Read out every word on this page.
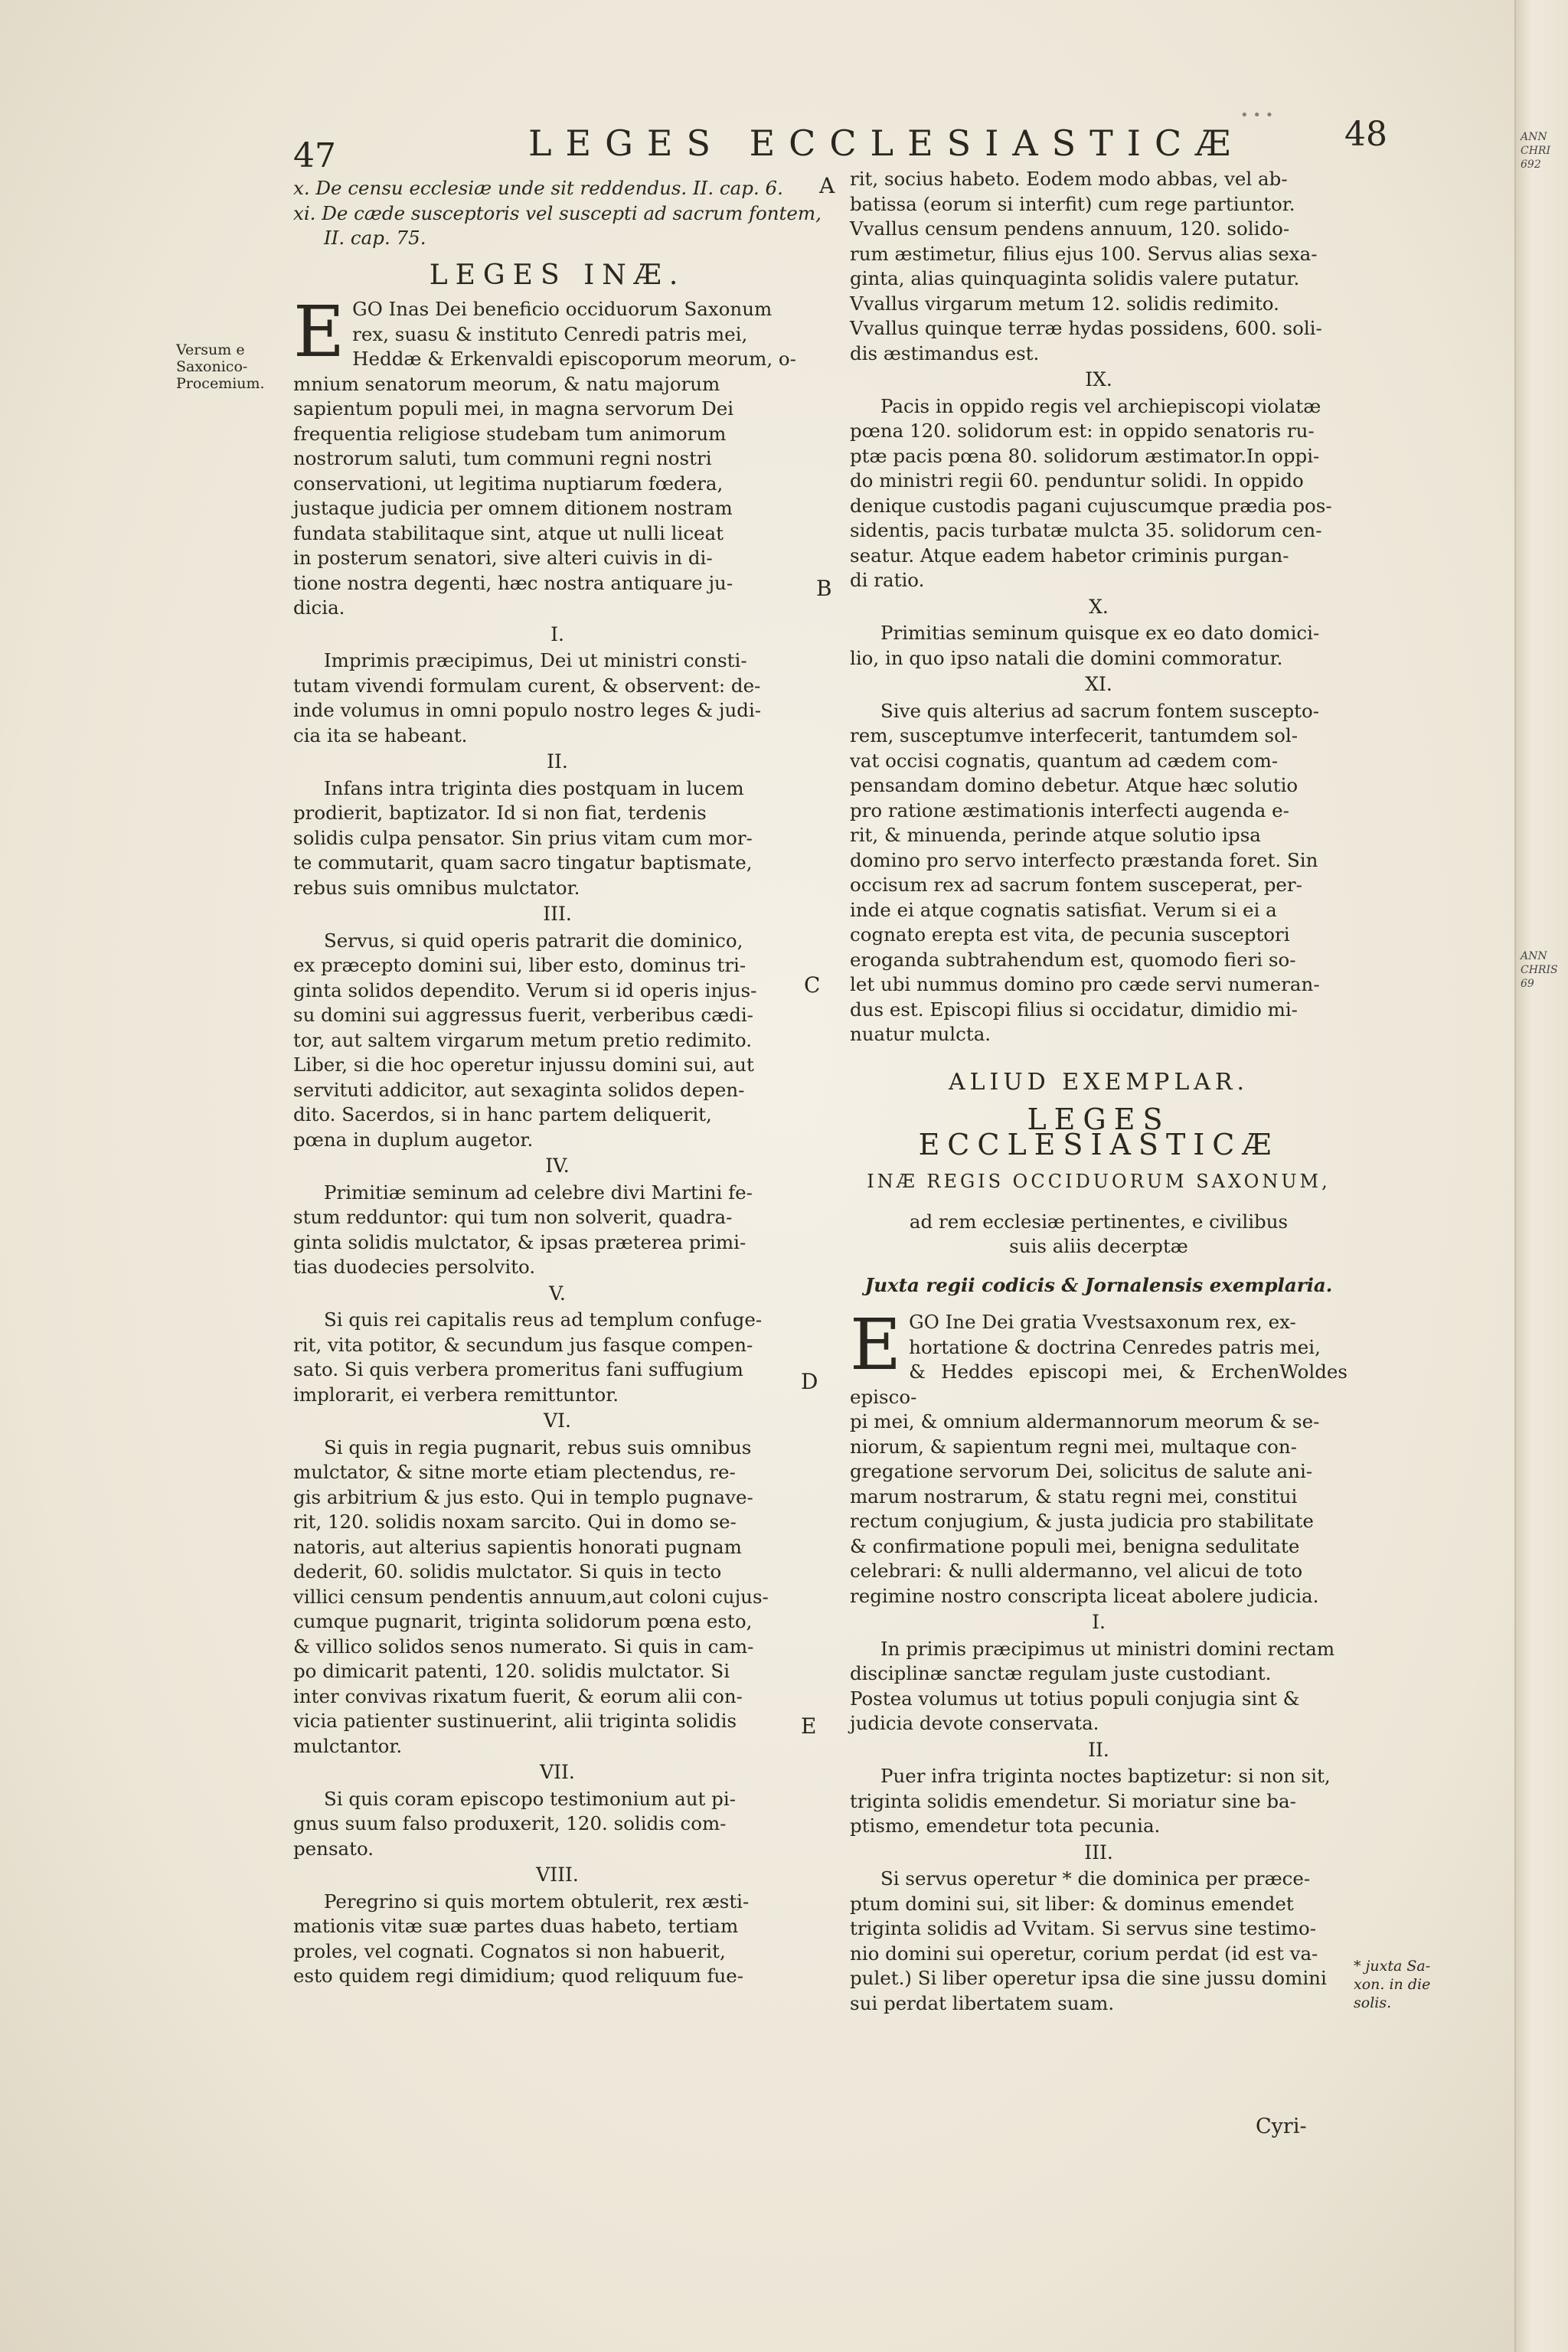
47	LEGES ECCLESIASTICÆ
• • • 48

x. De censu ecclesiæ unde sit reddendus. II. cap. 6.

xi. De cæde susceptoris vel suscepti ad sacrum fontem,

II. cap. 75.

LEGES INÆ.
E GO Inas Dei beneficio occiduorum Saxonum

rex, suasu & instituto Cenredi patris mei,

Heddæ & Erkenvaldi episcoporum meorum, o-

mnium senatorum meorum, & natu majorum

sapientum populi mei, in magna servorum Dei

frequentia religiose studebam tum animorum

nostrorum saluti, tum communi regni nostri

conservationi, ut legitima nuptiarum fœdera,

justaque judicia per omnem ditionem nostram

fundata stabilitaque sint, atque ut nulli liceat

in posterum senatori, sive alteri cuivis in di-

tione nostra degenti, hæc nostra antiquare ju-

dicia.

I.

Imprimis præcipimus, Dei ut ministri consti-

tutam vivendi formulam curent, & observent: de-

inde volumus in omni populo nostro leges & judi-

cia ita se habeant.

II.

Infans intra triginta dies postquam in lucem

prodierit, baptizator. Id si non fiat, terdenis

solidis culpa pensator. Sin prius vitam cum mor-

te commutarit, quam sacro tingatur baptismate,

rebus suis omnibus mulctator.

III.

Servus, si quid operis patrarit die dominico,

ex præcepto domini sui, liber esto, dominus tri-

ginta solidos dependito. Verum si id operis injus-

su domini sui aggressus fuerit, verberibus cædi-

tor, aut saltem virgarum metum pretio redimito.

Liber, si die hoc operetur injussu domini sui, aut

servituti addicitor, aut sexaginta solidos depen-

dito. Sacerdos, si in hanc partem deliquerit,

pœna in duplum augetor.

IV.

Primitiæ seminum ad celebre divi Martini fe-

stum redduntor: qui tum non solverit, quadra-

ginta solidis mulctator, & ipsas præterea primi-

tias duodecies persolvito.

V.

Si quis rei capitalis reus ad templum confuge-

rit, vita potitor, & secundum jus fasque compen-

sato. Si quis verbera promeritus fani suffugium

implorarit, ei verbera remittuntor.

VI.

Si quis in regia pugnarit, rebus suis omnibus

mulctator, & sitne morte etiam plectendus, re-

gis arbitrium & jus esto. Qui in templo pugnave-

rit, 120. solidis noxam sarcito. Qui in domo se-

natoris, aut alterius sapientis honorati pugnam

dederit, 60. solidis mulctator. Si quis in tecto

villici censum pendentis annuum,aut coloni cujus-

cumque pugnarit, triginta solidorum pœna esto,

& villico solidos senos numerato. Si quis in cam-

po dimicarit patenti, 120. solidis mulctator. Si

inter convivas rixatum fuerit, & eorum alii con-

vicia patienter sustinuerint, alii triginta solidis

mulctantor.

VII.

Si quis coram episcopo testimonium aut pi-

gnus suum falso produxerit, 120. solidis com-

pensato.

VIII.

Peregrino si quis mortem obtulerit, rex æsti-

mationis vitæ suæ partes duas habeto, tertiam

proles, vel cognati. Cognatos si non habuerit,

esto quidem regi dimidium; quod reliquum fue-

Versum e
Saxonico-
Procemium.
A
B
C
D
E

rit, socius habeto. Eodem modo abbas, vel ab-

batissa (eorum si interfit) cum rege partiuntor.

Vvallus censum pendens annuum, 120. solido-

rum æstimetur, filius ejus 100. Servus alias sexa-

ginta, alias quinquaginta solidis valere putatur.

Vvallus virgarum metum 12. solidis redimito.

Vvallus quinque terræ hydas possidens, 600. soli-

dis æstimandus est.

IX.

Pacis in oppido regis vel archiepiscopi violatæ

pœna 120. solidorum est: in oppido senatoris ru-

ptæ pacis pœna 80. solidorum æstimator.In oppi-

do ministri regii 60. penduntur solidi. In oppido

denique custodis pagani cujuscumque prædia pos-

sidentis, pacis turbatæ mulcta 35. solidorum cen-

seatur. Atque eadem habetor criminis purgan-

di ratio.

X.

Primitias seminum quisque ex eo dato domici-

lio, in quo ipso natali die domini commoratur.

XI.

Sive quis alterius ad sacrum fontem suscepto-

rem, susceptumve interfecerit, tantumdem sol-

vat occisi cognatis, quantum ad cædem com-

pensandam domino debetur. Atque hæc solutio

pro ratione æstimationis interfecti augenda e-

rit, & minuenda, perinde atque solutio ipsa

domino pro servo interfecto præstanda foret. Sin

occisum rex ad sacrum fontem susceperat, per-

inde ei atque cognatis satisfiat. Verum si ei a

cognato erepta est vita, de pecunia susceptori

eroganda subtrahendum est, quomodo fieri so-

let ubi nummus domino pro cæde servi numeran-

dus est. Episcopi filius si occidatur, dimidio mi-

nuatur mulcta.

ALIUD EXEMPLAR.
LEGES ECCLESIASTICÆ
INÆ REGIS OCCIDUORUM SAXONUM,
ad rem ecclesiæ pertinentes, e civilibus
suis aliis decerptæ
Juxta regii codicis & Jornalensis exemplaria.
E GO Ine Dei gratia Vvestsaxonum rex, ex-

hortatione & doctrina Cenredes patris mei,

& Heddes episcopi mei, & ErchenWoldes episco-

pi mei, & omnium aldermannorum meorum & se-

niorum, & sapientum regni mei, multaque con-

gregatione servorum Dei, solicitus de salute ani-

marum nostrarum, & statu regni mei, constitui

rectum conjugium, & justa judicia pro stabilitate

& confirmatione populi mei, benigna sedulitate

celebrari: & nulli aldermanno, vel alicui de toto

regimine nostro conscripta liceat abolere judicia.

I.

In primis præcipimus ut ministri domini rectam

disciplinæ sanctæ regulam juste custodiant.

Postea volumus ut totius populi conjugia sint &

judicia devote conservata.

II.

Puer infra triginta noctes baptizetur: si non sit,

triginta solidis emendetur. Si moriatur sine ba-

ptismo, emendetur tota pecunia.

III.

Si servus operetur * die dominica per præce-

ptum domini sui, sit liber: & dominus emendet

triginta solidis ad Vvitam. Si servus sine testimo-

nio domini sui operetur, corium perdat (id est va-

pulet.) Si liber operetur ipsa die sine jussu domini

sui perdat libertatem suam.

* juxta Sa-
xon. in die
solis.
Cyri-
ANN
CHRI
692
ANN
CHRIS
69
